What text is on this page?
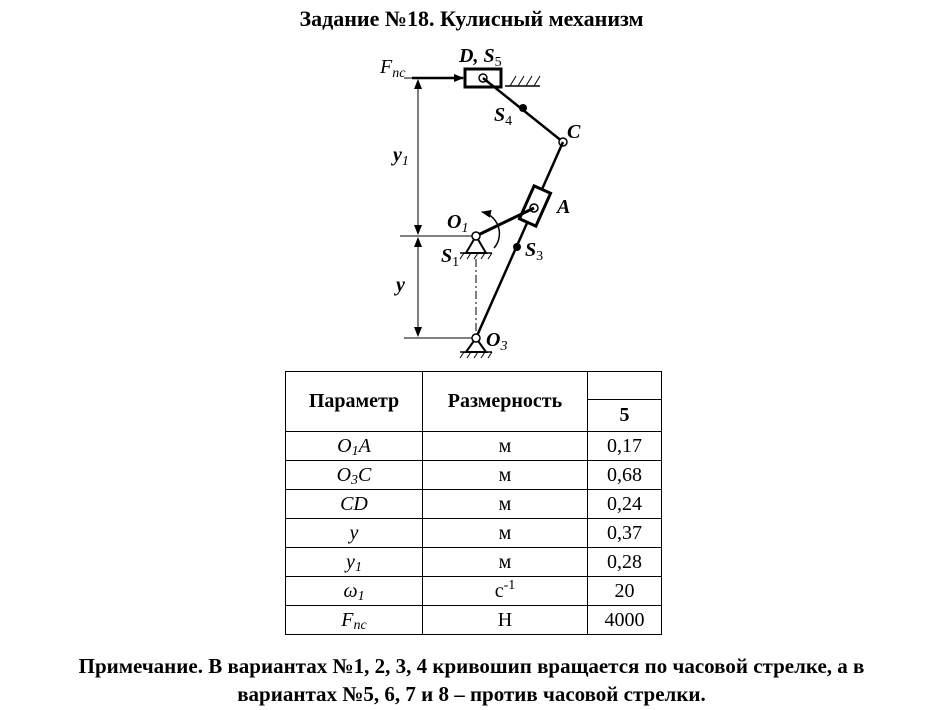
Задание №18. Кулисный механизм
$F_{пс}$
D, $S_5$
$S_4$	C
A
$O_1$
$S_1$
$S_3$
$O_3$
$y_1$
y
Параметр	Размерность	
		5
$O_1A$	м	0,17
$O_3C$	м	0,68
CD	м	0,24
y	м	0,37
$y_1$	м	0,28
$\omega_1$	$с^{-1}$	20
$F_{пс}$	Н	4000
Примечание. В вариантах №1, 2, 3, 4 кривошип вращается по часовой стрелке, а в
вариантах №5, 6, 7 и 8 – против часовой стрелки.
